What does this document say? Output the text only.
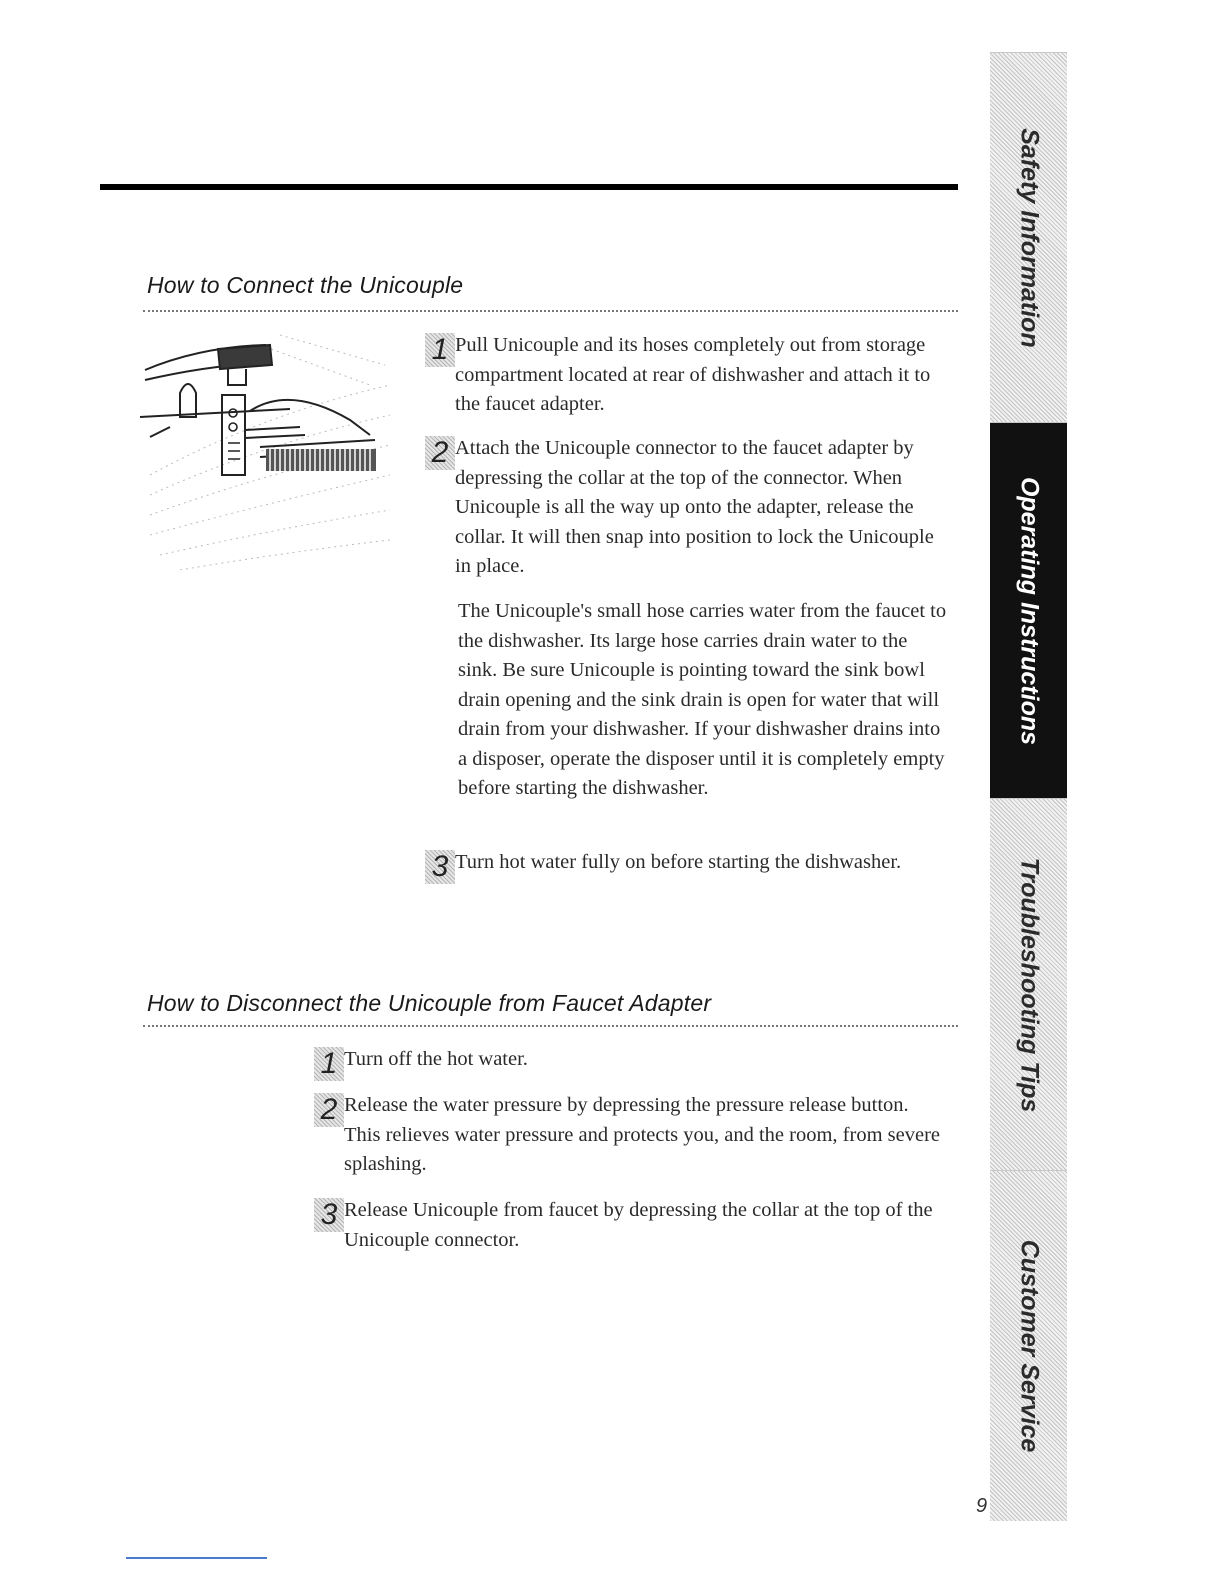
How to Connect the Unicouple
1 Pull Unicouple and its hoses completely out from storage compartment located at rear of dishwasher and attach it to the faucet adapter.

2 Attach the Unicouple connector to the faucet adapter by depressing the collar at the top of the connector. When Unicouple is all the way up onto the adapter, release the collar. It will then snap into position to lock the Unicouple in place.

The Unicouple's small hose carries water from the faucet to the dishwasher. Its large hose carries drain water to the sink. Be sure Unicouple is pointing toward the sink bowl drain opening and the sink drain is open for water that will drain from your dishwasher. If your dishwasher drains into a disposer, operate the disposer until it is completely empty before starting the dishwasher.

3 Turn hot water fully on before starting the dishwasher.

How to Disconnect the Unicouple from Faucet Adapter
1 Turn off the hot water.

2 Release the water pressure by depressing the pressure release button. This relieves water pressure and protects you, and the room, from severe splashing.

3 Release Unicouple from faucet by depressing the collar at the top of the Unicouple connector.

Safety Information
Operating Instructions
Troubleshooting Tips
Customer Service
9
